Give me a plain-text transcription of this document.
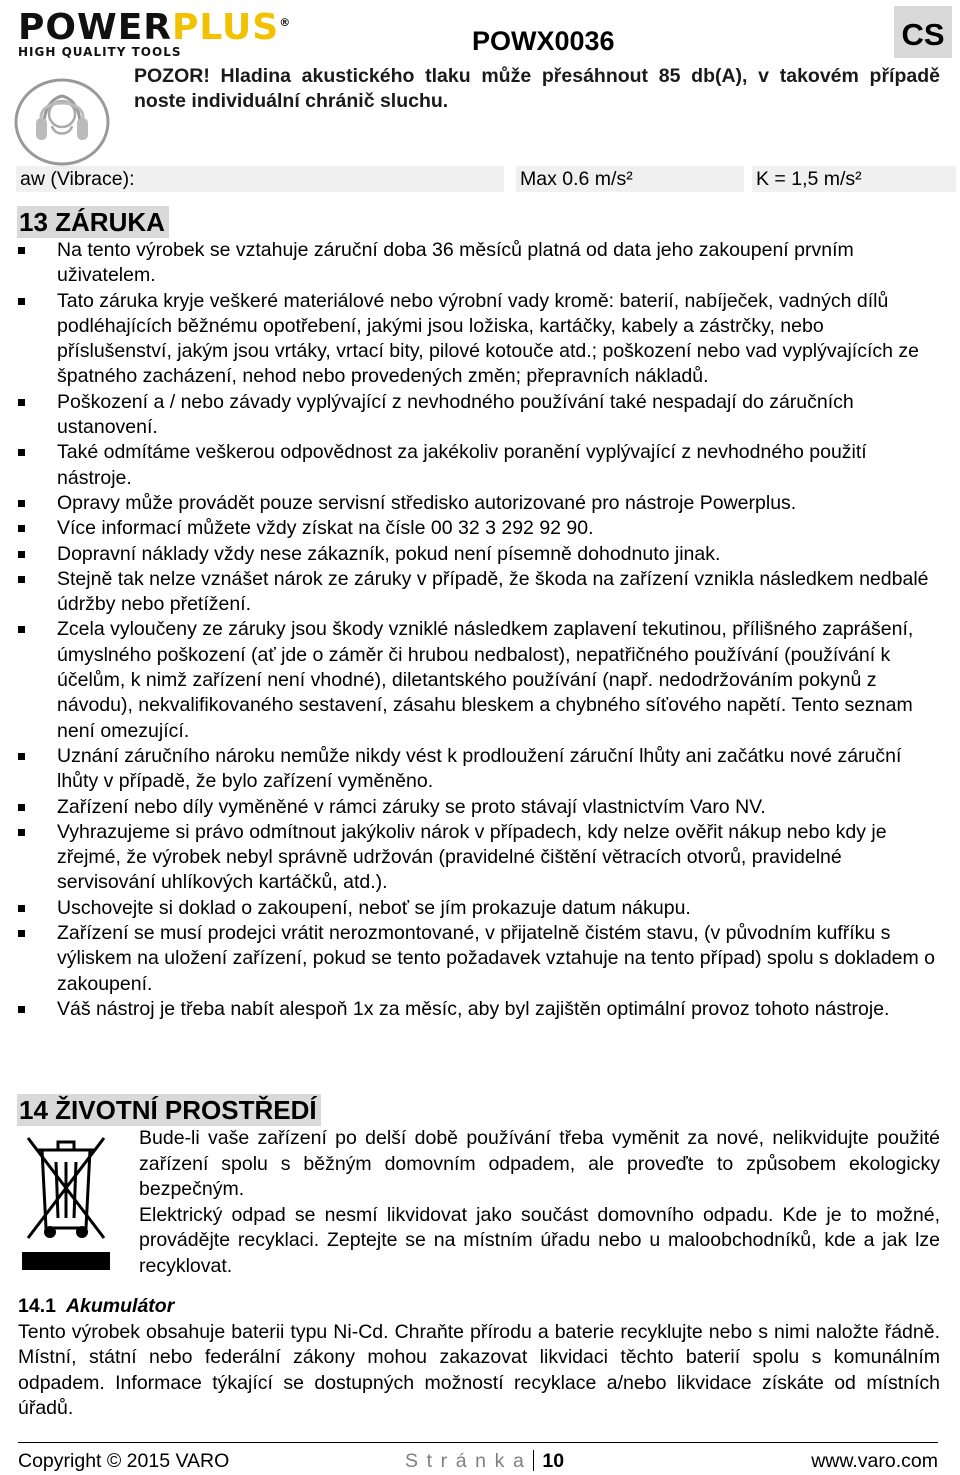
POWERPLUS®
HIGH QUALITY TOOLS	POWX0036	CS
POZOR! Hladina akustického tlaku může přesáhnout 85 db(A), v takovém případě noste individuální chránič sluchu.
aw (Vibrace):	Max 0.6 m/s²	K = 1,5 m/s²
13 ZÁRUKA
Na tento výrobek se vztahuje záruční doba 36 měsíců platná od data jeho zakoupení prvním uživatelem.
Tato záruka kryje veškeré materiálové nebo výrobní vady kromě: baterií, nabíječek, vadných dílů podléhajících běžnému opotřebení, jakými jsou ložiska, kartáčky, kabely a zástrčky, nebo příslušenství, jakým jsou vrtáky, vrtací bity, pilové kotouče atd.; poškození nebo vad vyplývajících ze špatného zacházení, nehod nebo provedených změn; přepravních nákladů.
Poškození a / nebo závady vyplývající z nevhodného používání také nespadají do záručních ustanovení.
Také odmítáme veškerou odpovědnost za jakékoliv poranění vyplývající z nevhodného použití nástroje.
Opravy může provádět pouze servisní středisko autorizované pro nástroje Powerplus.
Více informací můžete vždy získat na čísle 00 32 3 292 92 90.
Dopravní náklady vždy nese zákazník, pokud není písemně dohodnuto jinak.
Stejně tak nelze vznášet nárok ze záruky v případě, že škoda na zařízení vznikla následkem nedbalé údržby nebo přetížení.
Zcela vyloučeny ze záruky jsou škody vzniklé následkem zaplavení tekutinou, přílišného zaprášení, úmyslného poškození (ať jde o záměr či hrubou nedbalost), nepatřičného používání (používání k účelům, k nimž zařízení není vhodné), diletantského používání (např. nedodržováním pokynů z návodu), nekvalifikovaného sestavení, zásahu bleskem a chybného síťového napětí. Tento seznam není omezující.
Uznání záručního nároku nemůže nikdy vést k prodloužení záruční lhůty ani začátku nové záruční lhůty v případě, že bylo zařízení vyměněno.
Zařízení nebo díly vyměněné v rámci záruky se proto stávají vlastnictvím Varo NV.
Vyhrazujeme si právo odmítnout jakýkoliv nárok v případech, kdy nelze ověřit nákup nebo kdy je zřejmé, že výrobek nebyl správně udržován (pravidelné čištění větracích otvorů, pravidelné servisování uhlíkových kartáčků, atd.).
Uschovejte si doklad o zakoupení, neboť se jím prokazuje datum nákupu.
Zařízení se musí prodejci vrátit nerozmontované, v přijatelně čistém stavu, (v původním kufříku s výliskem na uložení zařízení, pokud se tento požadavek vztahuje na tento případ) spolu s dokladem o zakoupení.
Váš nástroj je třeba nabít alespoň 1x za měsíc, aby byl zajištěn optimální provoz tohoto nástroje.
14 ŽIVOTNÍ PROSTŘEDÍ

Bude-li vaše zařízení po delší době používání třeba vyměnit za nové, nelikvidujte použité zařízení spolu s běžným domovním odpadem, ale proveďte to způsobem ekologicky bezpečným.

Elektrický odpad se nesmí likvidovat jako součást domovního odpadu. Kde je to možné, provádějte recyklaci. Zeptejte se na místním úřadu nebo u maloobchodníků, kde a jak lze recyklovat.

14.1 Akumulátor
Tento výrobek obsahuje baterii typu Ni-Cd. Chraňte přírodu a baterie recyklujte nebo s nimi naložte řádně. Místní, státní nebo federální zákony mohou zakazovat likvidaci těchto baterií spolu s komunálním odpadem. Informace týkající se dostupných možností recyklace a/nebo likvidace získáte od místních úřadů.
Copyright © 2015 VARO	Stránka 10	www.varo.com
